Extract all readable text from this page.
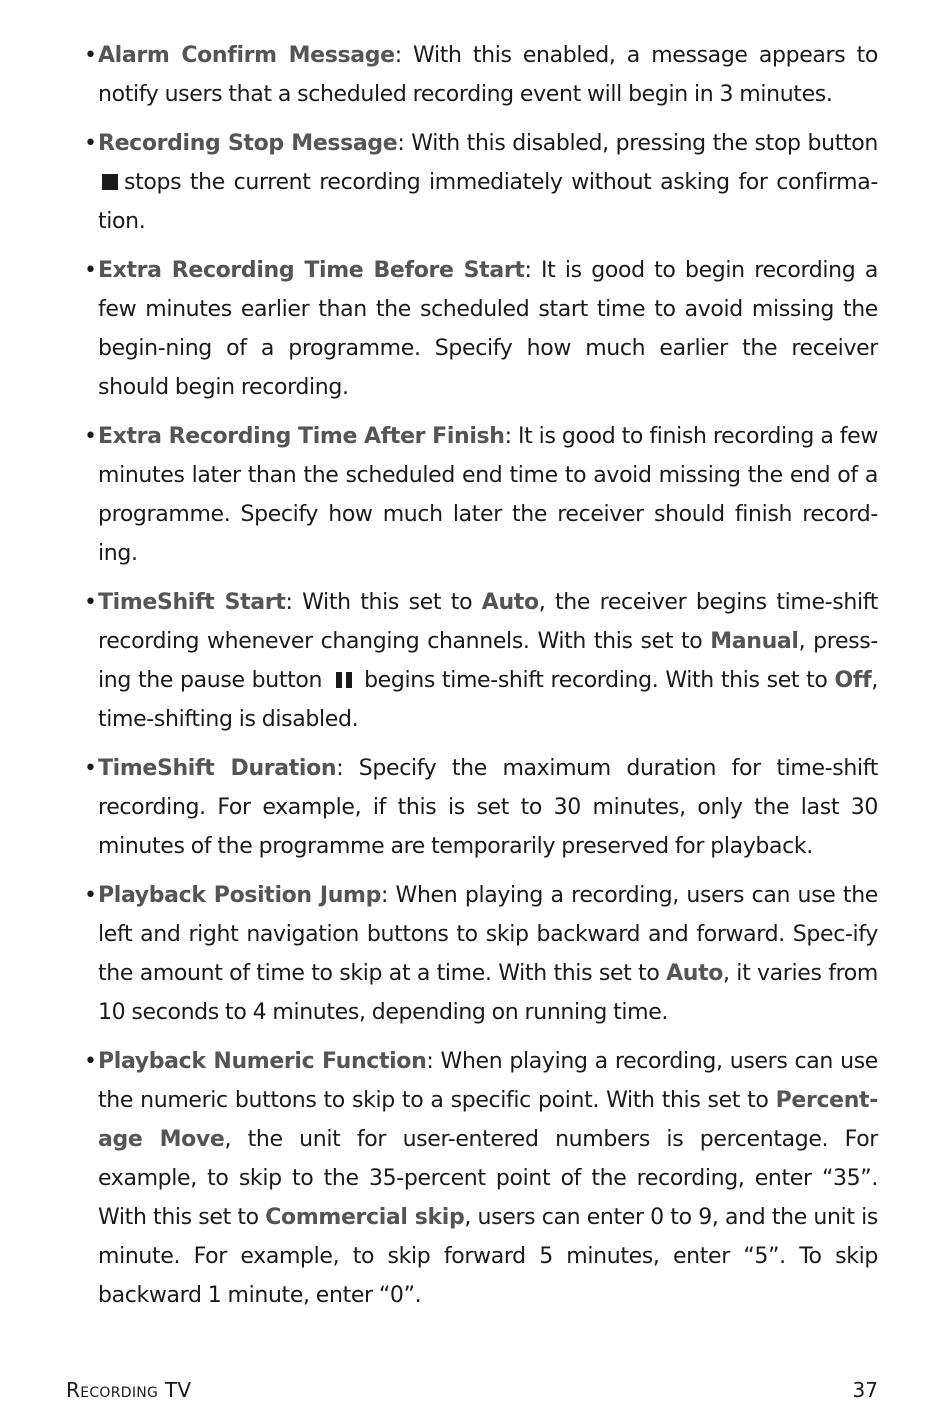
• Alarm Confirm Message: With this enabled, a message appears to notify users that a scheduled recording event will begin in 3 minutes.
• Recording Stop Message: With this disabled, pressing the stop button stops the current recording immediately without asking for confirma-tion.
• Extra Recording Time Before Start: It is good to begin recording a few minutes earlier than the scheduled start time to avoid missing the begin-ning of a programme. Specify how much earlier the receiver should begin recording.
• Extra Recording Time After Finish: It is good to finish recording a few minutes later than the scheduled end time to avoid missing the end of a programme. Specify how much later the receiver should finish record-ing.
• TimeShift Start: With this set to Auto, the receiver begins time-shift recording whenever changing channels. With this set to Manual, press-ing the pause button begins time-shift recording. With this set to Off, time-shifting is disabled.
• TimeShift Duration: Specify the maximum duration for time-shift recording. For example, if this is set to 30 minutes, only the last 30 minutes of the programme are temporarily preserved for playback.
• Playback Position Jump: When playing a recording, users can use the left and right navigation buttons to skip backward and forward. Spec-ify the amount of time to skip at a time. With this set to Auto, it varies from 10 seconds to 4 minutes, depending on running time.
• Playback Numeric Function: When playing a recording, users can use the numeric buttons to skip to a specific point. With this set to Percent-age Move, the unit for user-entered numbers is percentage. For example, to skip to the 35-percent point of the recording, enter “35”. With this set to Commercial skip, users can enter 0 to 9, and the unit is minute. For example, to skip forward 5 minutes, enter “5”. To skip backward 1 minute, enter “0”.
Recording TV	37
